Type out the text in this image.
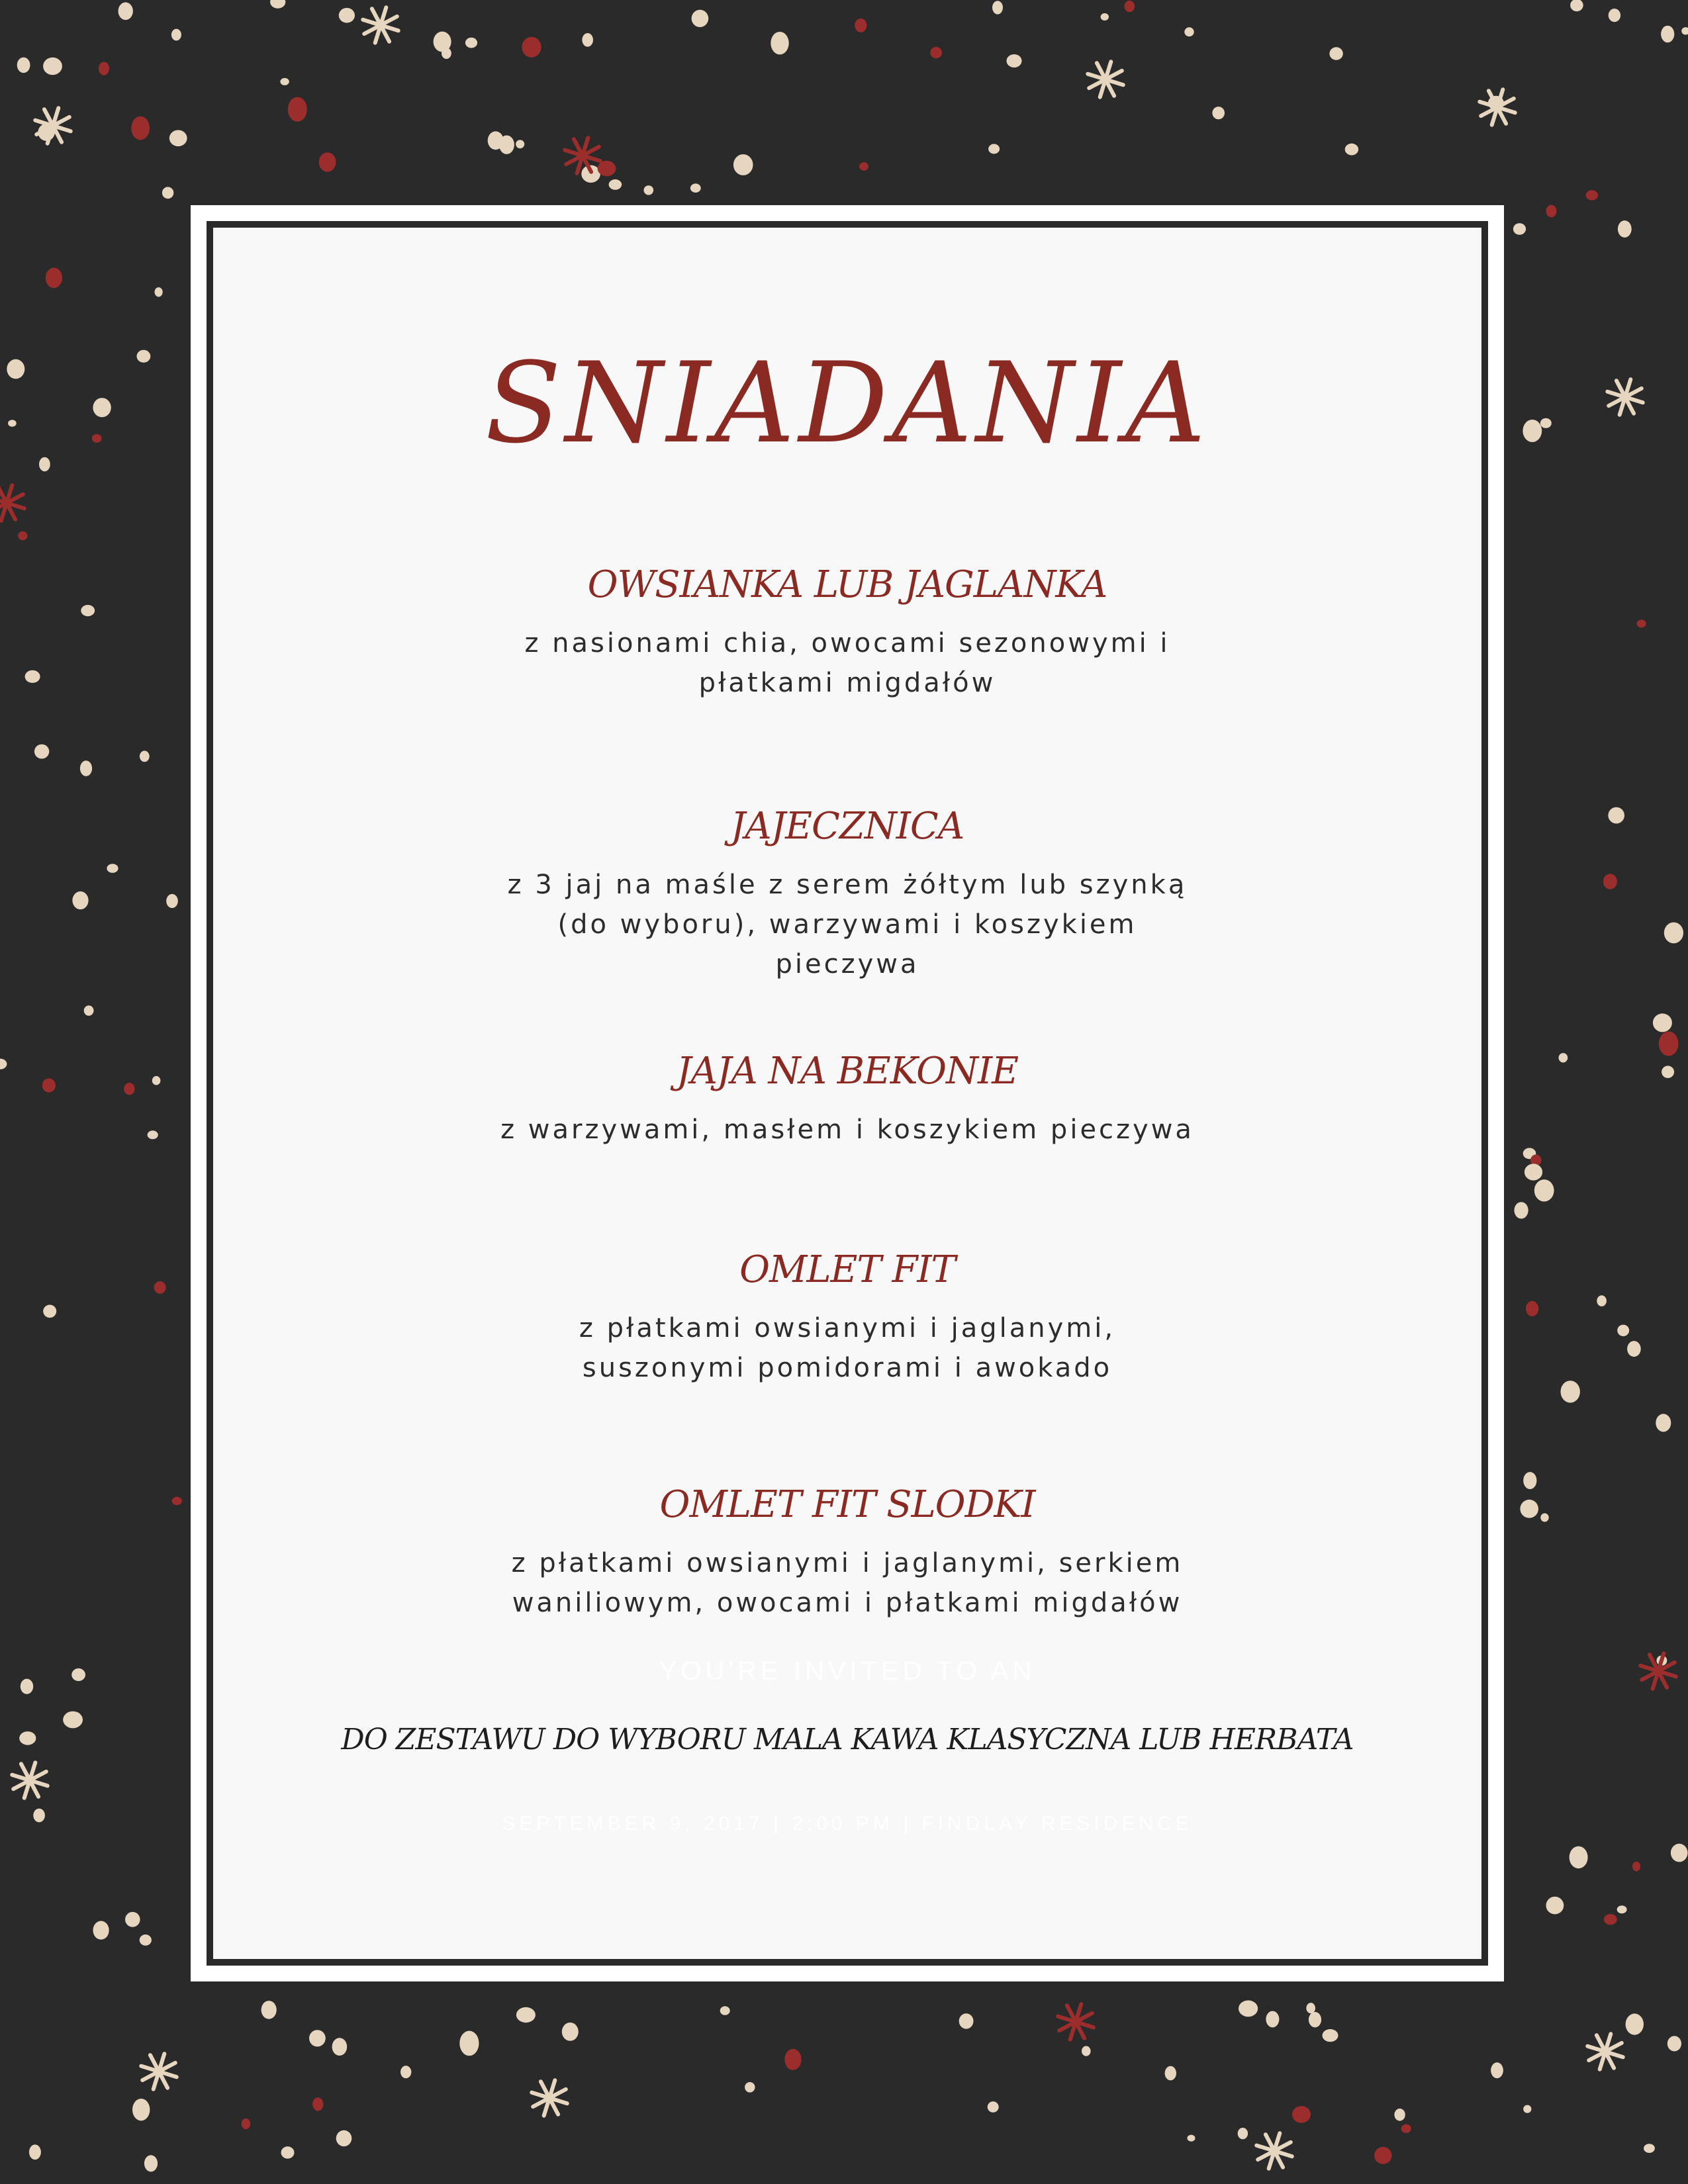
SNIADANIA
OWSIANKA LUB JAGLANKA
z nasionami chia, owocami sezonowymi i płatkami migdałów
JAJECZNICA
z 3 jaj na maśle z serem żółtym lub szynką (do wyboru), warzywami i koszykiem pieczywa
JAJA NA BEKONIE
z warzywami, masłem i koszykiem pieczywa
OMLET FIT
z płatkami owsianymi i jaglanymi, suszonymi pomidorami i awokado
OMLET FIT SLODKI
z płatkami owsianymi i jaglanymi, serkiem waniliowym, owocami i płatkami migdałów
YOU'RE INVITED TO AN
DO ZESTAWU DO WYBORU MALA KAWA KLASYCZNA LUB HERBATA
SEPTEMBER 9, 2017 | 2:00 PM | FINDLAY RESIDENCE
